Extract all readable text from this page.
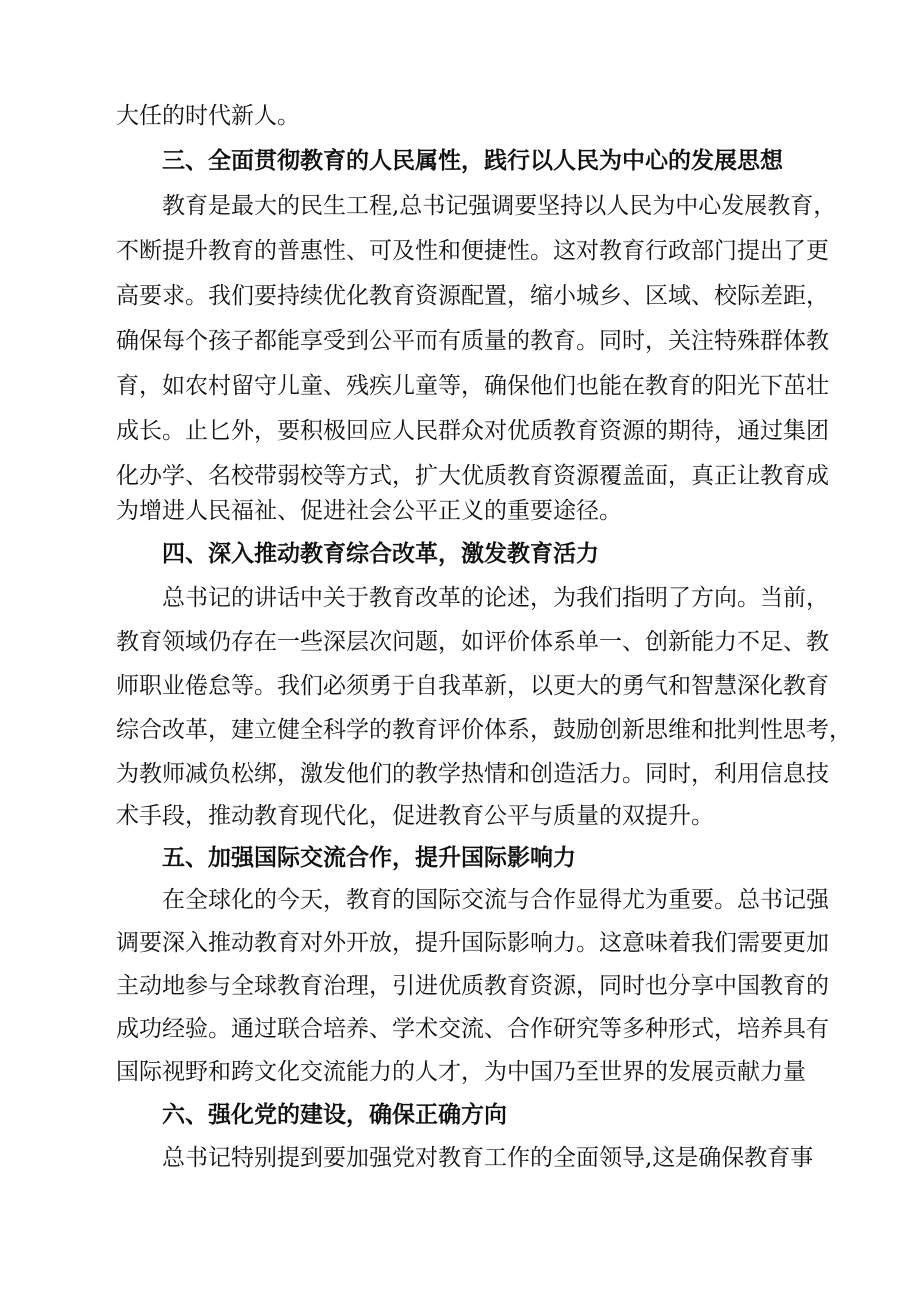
大任的时代新人。
三、全面贯彻教育的人民属性，践行以人民为中心的发展思想
教育是最大的民生工程,总书记强调要坚持以人民为中心发展教育，
不断提升教育的普惠性、可及性和便捷性。这对教育行政部门提出了更
高要求。我们要持续优化教育资源配置，缩小城乡、区域、校际差距，
确保每个孩子都能享受到公平而有质量的教育。同时，关注特殊群体教
育，如农村留守儿童、残疾儿童等，确保他们也能在教育的阳光下茁壮
成长。止匕外，要积极回应人民群众对优质教育资源的期待，通过集团
化办学、名校带弱校等方式，扩大优质教育资源覆盖面，真正让教育成
为增进人民福祉、促进社会公平正义的重要途径。
四、深入推动教育综合改革，激发教育活力
总书记的讲话中关于教育改革的论述，为我们指明了方向。当前，
教育领域仍存在一些深层次问题，如评价体系单一、创新能力不足、教
师职业倦怠等。我们必须勇于自我革新，以更大的勇气和智慧深化教育
综合改革，建立健全科学的教育评价体系，鼓励创新思维和批判性思考，
为教师减负松绑，激发他们的教学热情和创造活力。同时，利用信息技
术手段，推动教育现代化，促进教育公平与质量的双提升。
五、加强国际交流合作，提升国际影响力
在全球化的今天，教育的国际交流与合作显得尤为重要。总书记强
调要深入推动教育对外开放，提升国际影响力。这意味着我们需要更加
主动地参与全球教育治理，引进优质教育资源，同时也分享中国教育的
成功经验。通过联合培养、学术交流、合作研究等多种形式，培养具有
国际视野和跨文化交流能力的人才，为中国乃至世界的发展贡献力量
六、强化党的建设，确保正确方向
总书记特别提到要加强党对教育工作的全面领导,这是确保教育事
